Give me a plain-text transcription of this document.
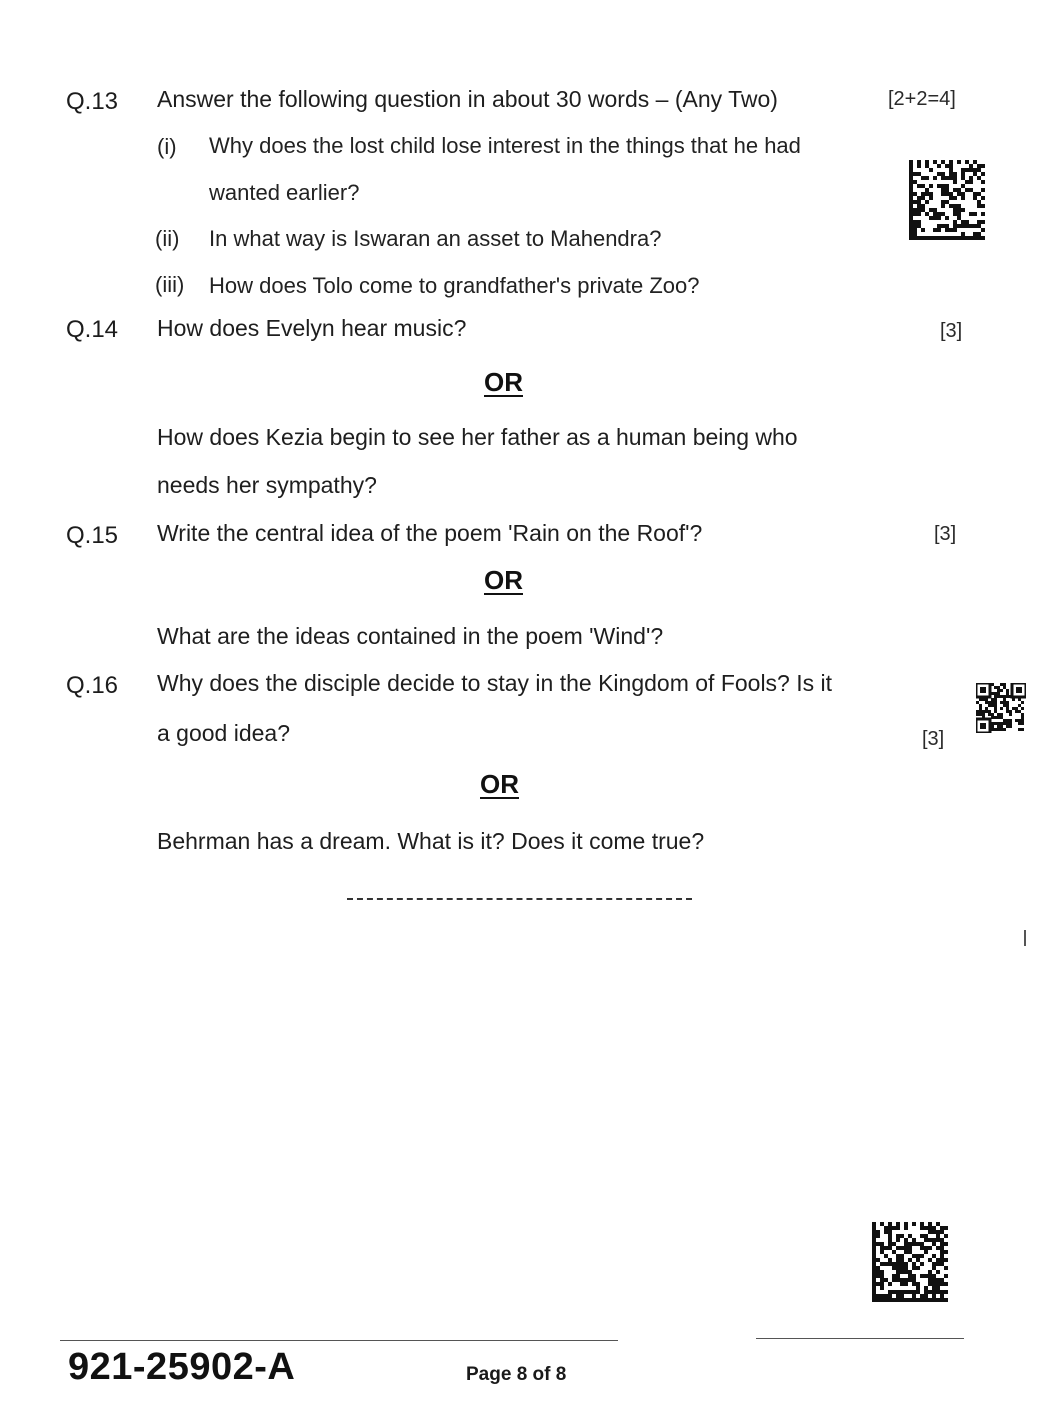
Q.13 Answer the following question in about 30 words – (Any Two)	[2+2=4]
(i) Why does the lost child lose interest in the things that he had
wanted earlier?
(ii) In what way is Iswaran an asset to Mahendra?
(iii) How does Tolo come to grandfather's private Zoo?
Q.14 How does Evelyn hear music?	[3]
OR
How does Kezia begin to see her father as a human being who
needs her sympathy?
Q.15 Write the central idea of the poem 'Rain on the Roof'?	[3]
OR
What are the ideas contained in the poem 'Wind'?
Q.16 Why does the disciple decide to stay in the Kingdom of Fools? Is it
a good idea?	[3]
OR
Behrman has a dream. What is it? Does it come true?
921-25902-A	Page 8 of 8
